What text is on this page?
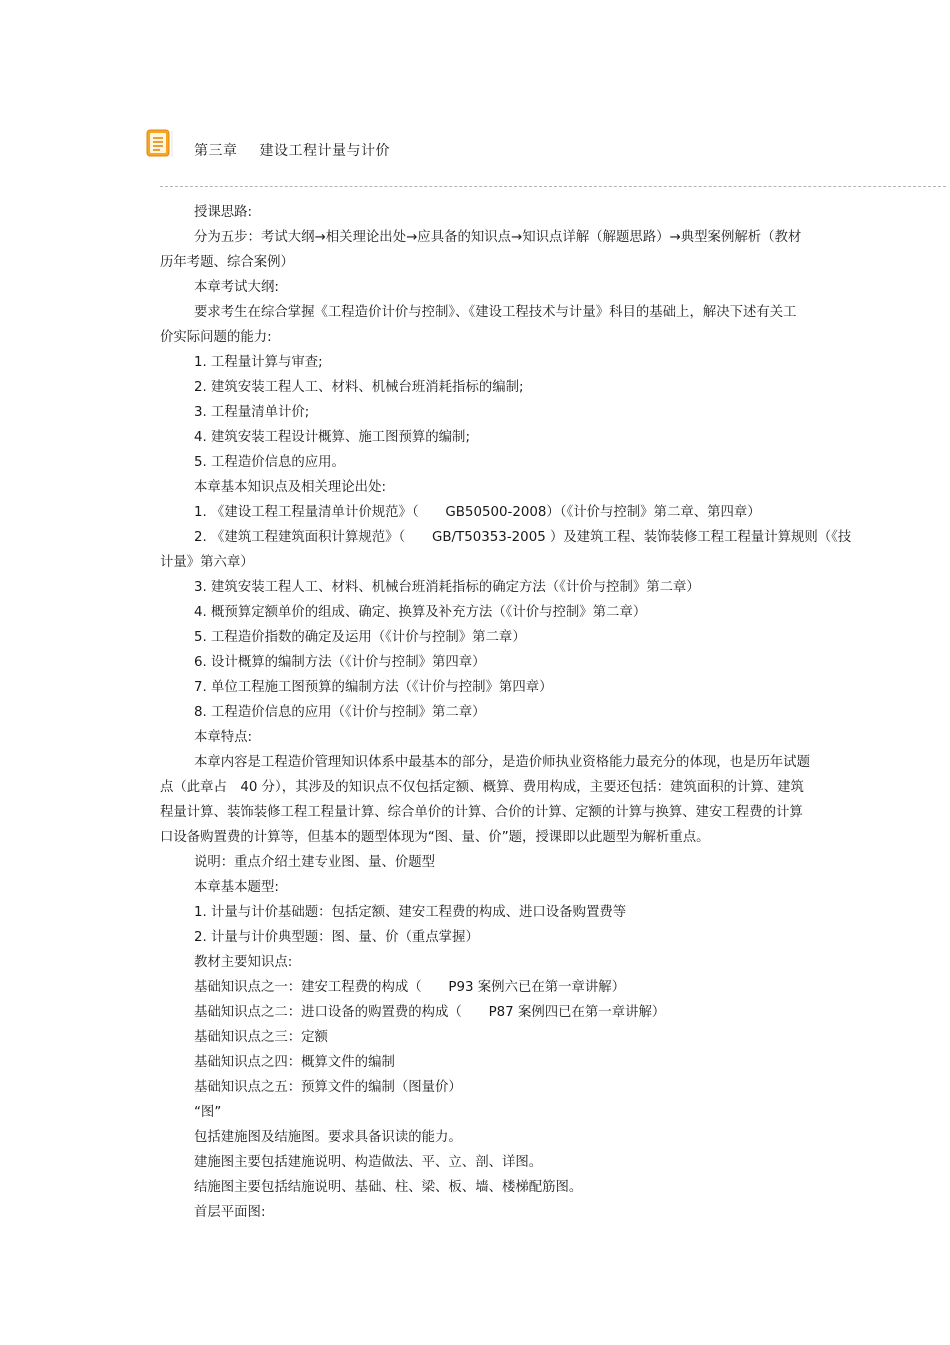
第三章 建设工程计量与计价
授课思路:
分为五步：考试大纲→相关理论出处→应具备的知识点→知识点详解（解题思路）→典型案例解析（教材
历年考题、综合案例）
本章考试大纲:
要求考生在综合掌握《工程造价计价与控制》、《建设工程技术与计量》科目的基础上，解决下述有关工
价实际问题的能力:
1. 工程量计算与审查;
2. 建筑安装工程人工、材料、机械台班消耗指标的编制;
3. 工程量清单计价;
4. 建筑安装工程设计概算、施工图预算的编制;
5. 工程造价信息的应用。
本章基本知识点及相关理论出处:
1. 《建设工程工程量清单计价规范》（　　GB50500-2008）（《计价与控制》第二章、第四章）
2. 《建筑工程建筑面积计算规范》（　　GB/T50353-2005 ）及建筑工程、装饰装修工程工程量计算规则（《技
计量》第六章）
3. 建筑安装工程人工、材料、机械台班消耗指标的确定方法（《计价与控制》第二章）
4. 概预算定额单价的组成、确定、换算及补充方法（《计价与控制》第二章）
5. 工程造价指数的确定及运用（《计价与控制》第二章）
6. 设计概算的编制方法（《计价与控制》第四章）
7. 单位工程施工图预算的编制方法（《计价与控制》第四章）
8. 工程造价信息的应用（《计价与控制》第二章）
本章特点:
本章内容是工程造价管理知识体系中最基本的部分，是造价师执业资格能力最充分的体现，也是历年试题
点（此章占　40 分），其涉及的知识点不仅包括定额、概算、费用构成，主要还包括：建筑面积的计算、建筑
程量计算、装饰装修工程工程量计算、综合单价的计算、合价的计算、定额的计算与换算、建安工程费的计算
口设备购置费的计算等，但基本的题型体现为“图、量、价”题，授课即以此题型为解析重点。
说明：重点介绍土建专业图、量、价题型
本章基本题型:
1. 计量与计价基础题：包括定额、建安工程费的构成、进口设备购置费等
2. 计量与计价典型题：图、量、价（重点掌握）
教材主要知识点:
基础知识点之一：建安工程费的构成（　　P93 案例六已在第一章讲解）
基础知识点之二：进口设备的购置费的构成（　　P87 案例四已在第一章讲解）
基础知识点之三：定额
基础知识点之四：概算文件的编制
基础知识点之五：预算文件的编制（图量价）
“图”
包括建施图及结施图。要求具备识读的能力。
建施图主要包括建施说明、构造做法、平、立、剖、详图。
结施图主要包括结施说明、基础、柱、梁、板、墙、楼梯配筋图。
首层平面图:
